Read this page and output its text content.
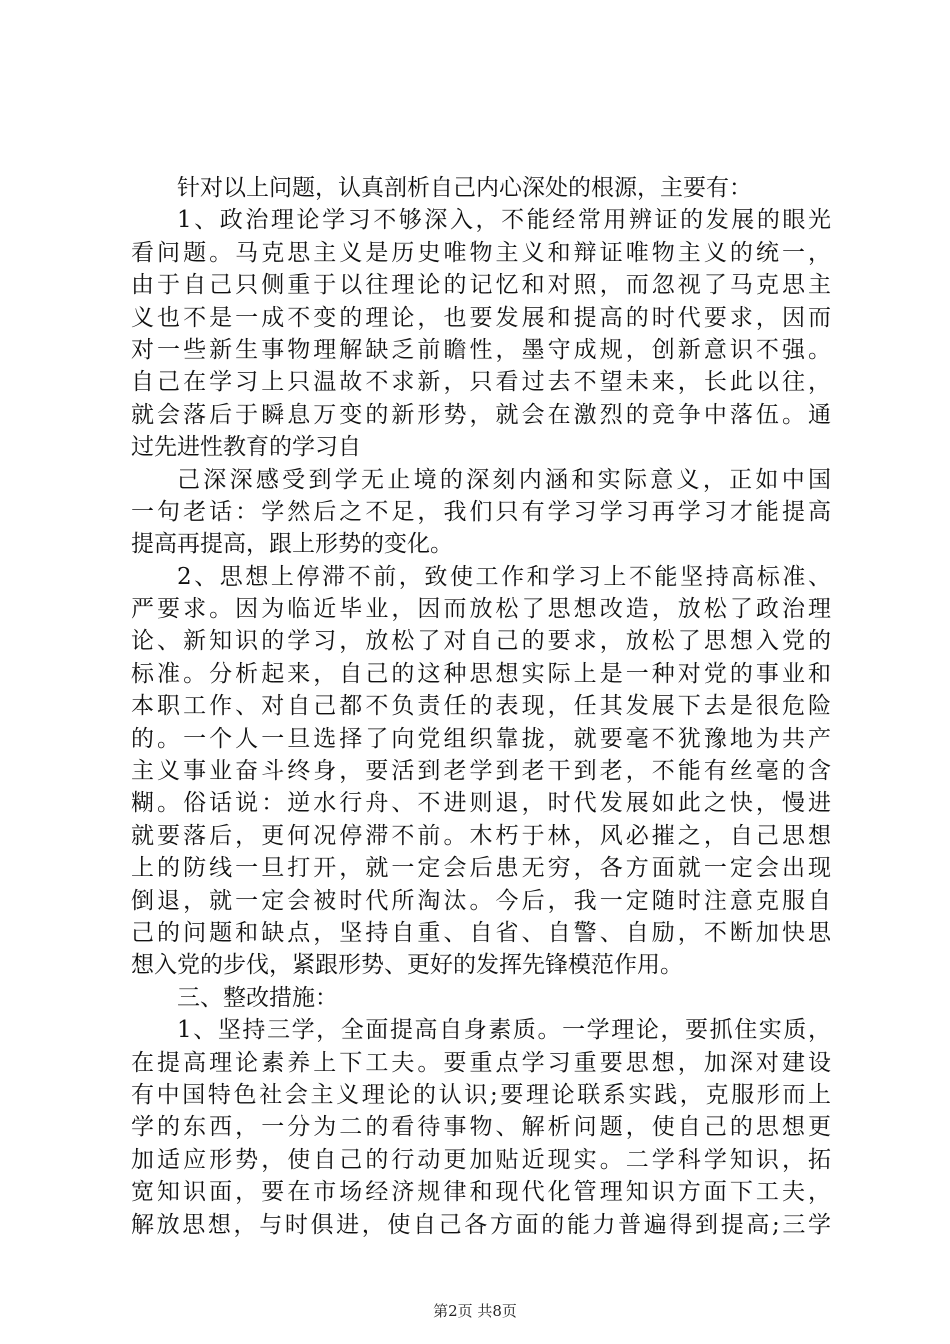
针对以上问题，认真剖析自己内心深处的根源，主要有：
1、政治理论学习不够深入，不能经常用辨证的发展的眼光
看问题。马克思主义是历史唯物主义和辩证唯物主义的统一，
由于自己只侧重于以往理论的记忆和对照，而忽视了马克思主
义也不是一成不变的理论，也要发展和提高的时代要求，因而
对一些新生事物理解缺乏前瞻性，墨守成规，创新意识不强。
自己在学习上只温故不求新，只看过去不望未来，长此以往，
就会落后于瞬息万变的新形势，就会在激烈的竞争中落伍。通
过先进性教育的学习自
己深深感受到学无止境的深刻内涵和实际意义，正如中国
一句老话：学然后之不足，我们只有学习学习再学习才能提高
提高再提高，跟上形势的变化。
2、思想上停滞不前，致使工作和学习上不能坚持高标准、
严要求。因为临近毕业，因而放松了思想改造，放松了政治理
论、新知识的学习，放松了对自己的要求，放松了思想入党的
标准。分析起来，自己的这种思想实际上是一种对党的事业和
本职工作、对自己都不负责任的表现，任其发展下去是很危险
的。一个人一旦选择了向党组织靠拢，就要毫不犹豫地为共产
主义事业奋斗终身，要活到老学到老干到老，不能有丝毫的含
糊。俗话说：逆水行舟、不进则退，时代发展如此之快，慢进
就要落后，更何况停滞不前。木朽于林，风必摧之，自己思想
上的防线一旦打开，就一定会后患无穷，各方面就一定会出现
倒退，就一定会被时代所淘汰。今后，我一定随时注意克服自
己的问题和缺点，坚持自重、自省、自警、自励，不断加快思
想入党的步伐，紧跟形势、更好的发挥先锋模范作用。
三、整改措施：
1、坚持三学，全面提高自身素质。一学理论，要抓住实质，
在提高理论素养上下工夫。要重点学习重要思想，加深对建设
有中国特色社会主义理论的认识;要理论联系实践，克服形而上
学的东西，一分为二的看待事物、解析问题，使自己的思想更
加适应形势，使自己的行动更加贴近现实。二学科学知识，拓
宽知识面，要在市场经济规律和现代化管理知识方面下工夫，
解放思想，与时俱进，使自己各方面的能力普遍得到提高;三学
第2页 共8页
